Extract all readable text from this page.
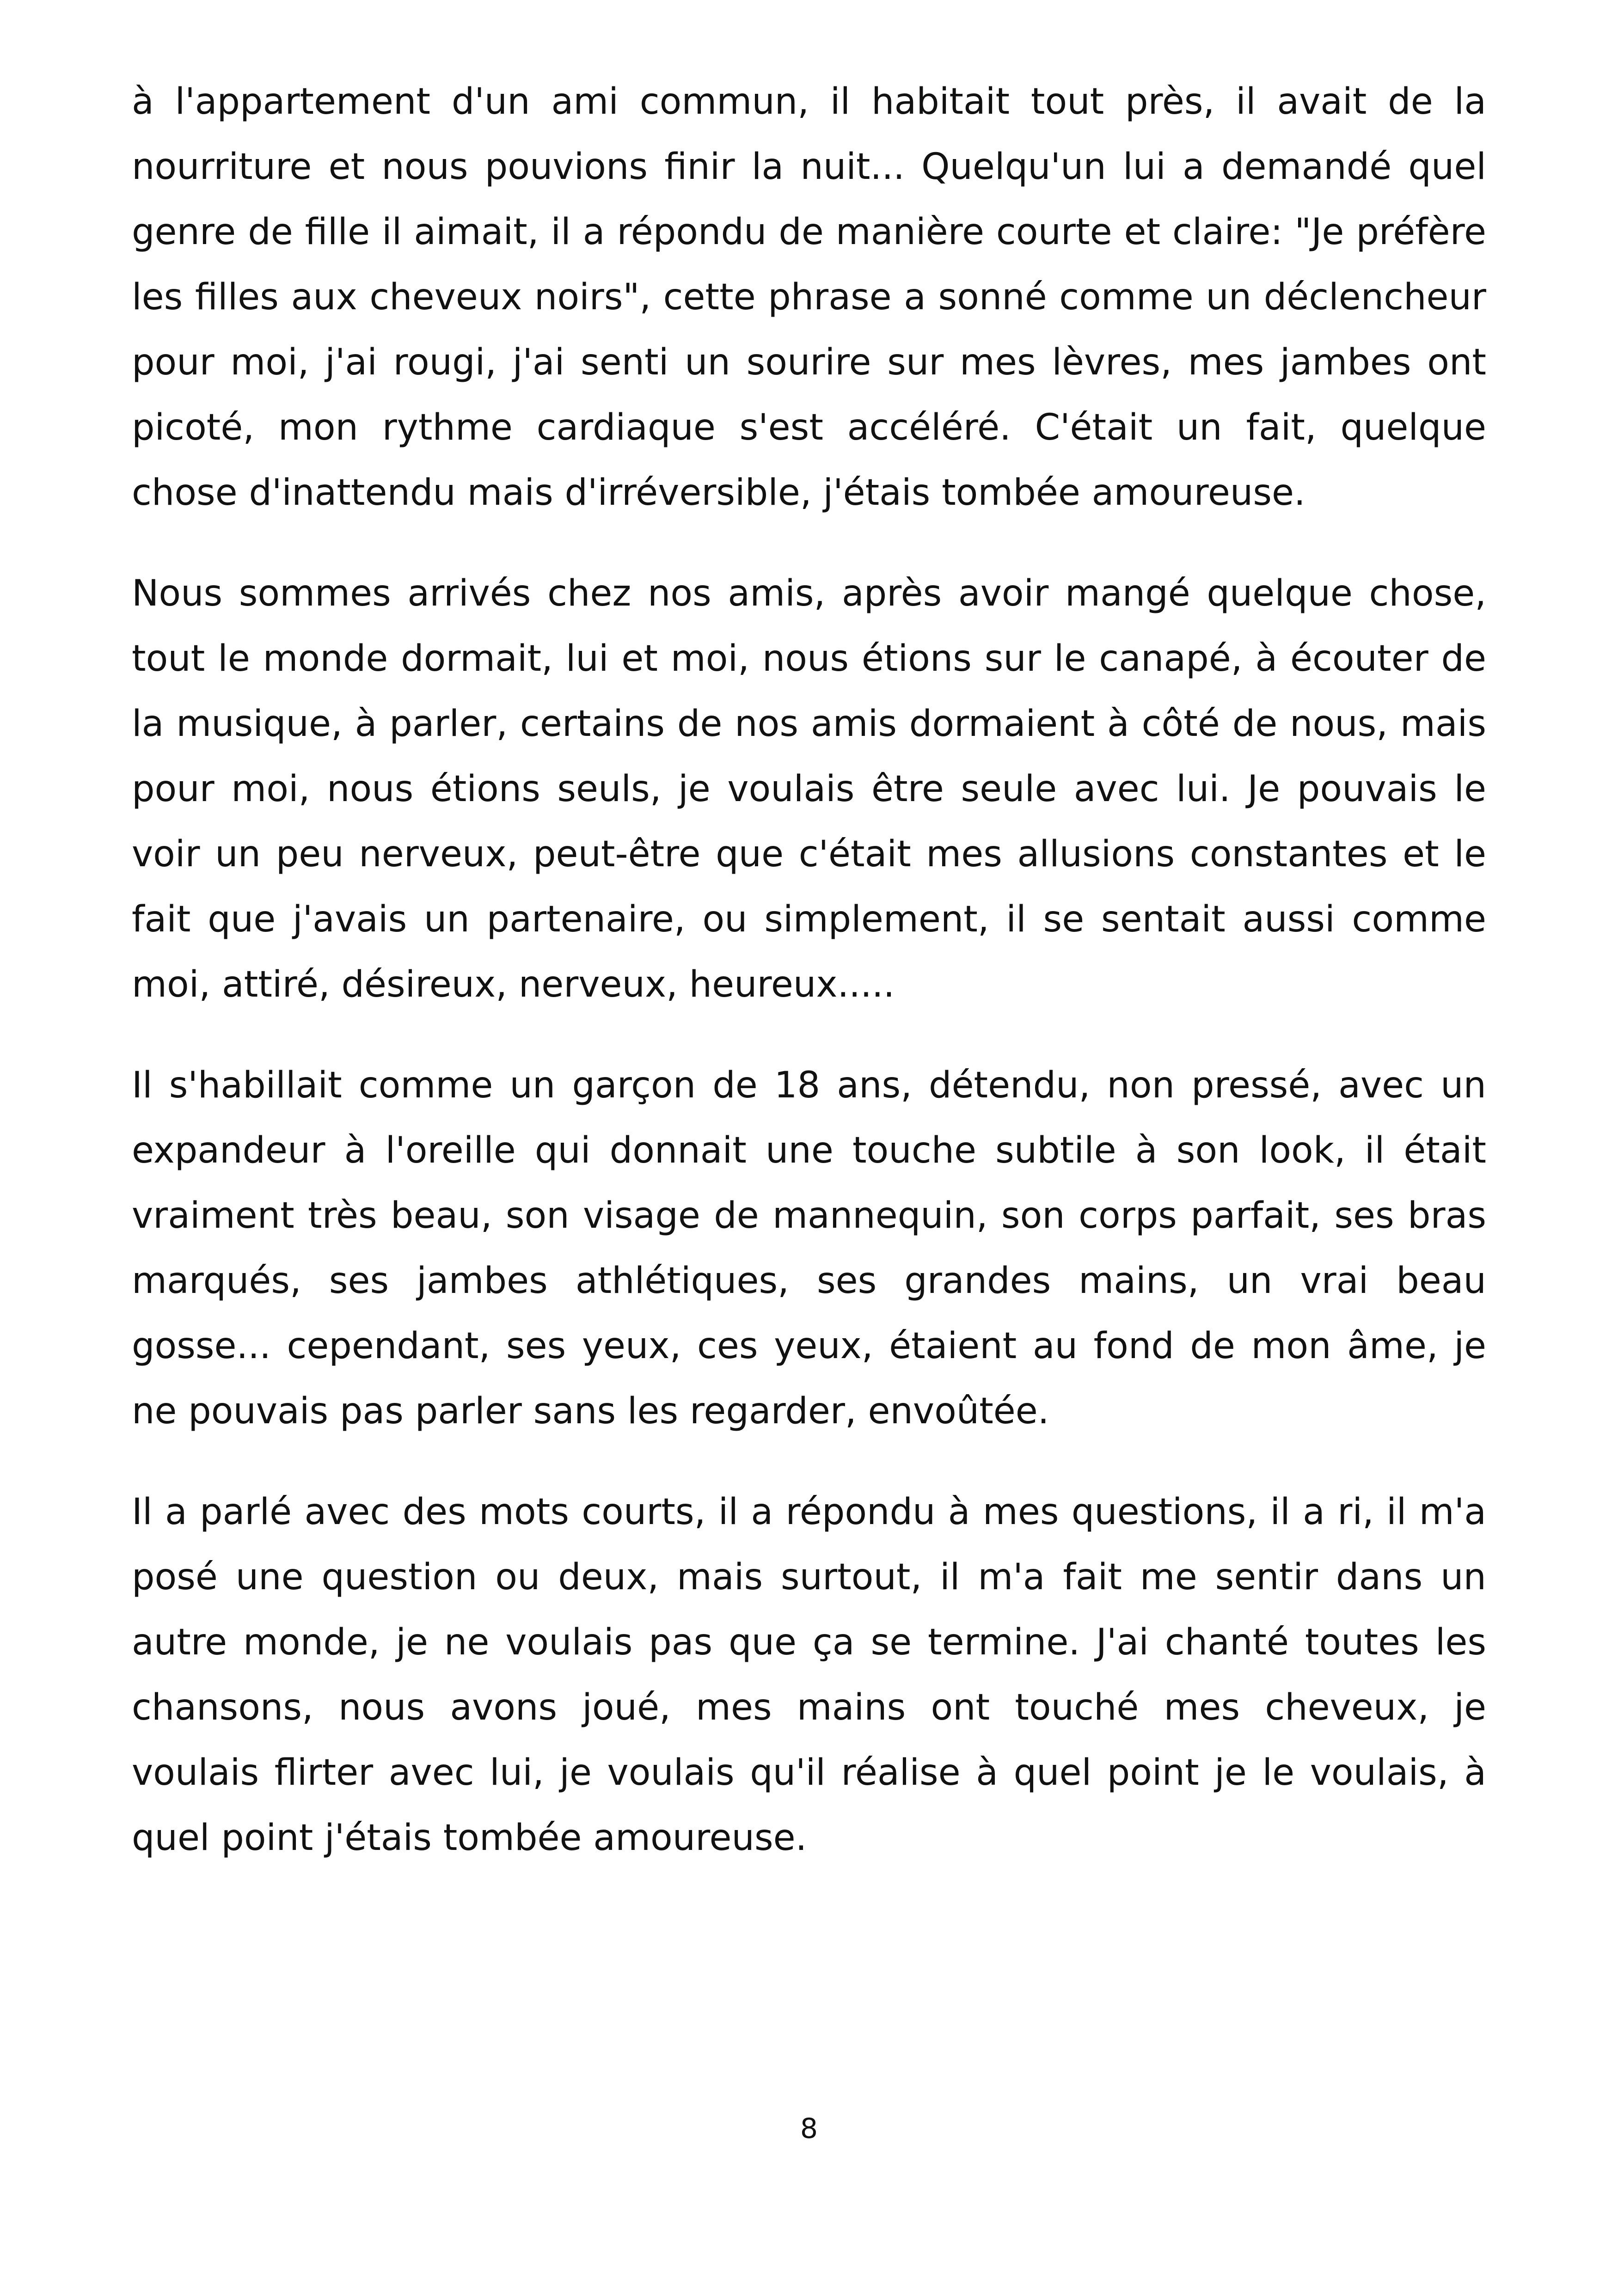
à l'appartement d'un ami commun, il habitait tout près, il avait de la nourriture et nous pouvions finir la nuit... Quelqu'un lui a demandé quel genre de fille il aimait, il a répondu de manière courte et claire: "Je préfère les filles aux cheveux noirs", cette phrase a sonné comme un déclencheur pour moi, j'ai rougi, j'ai senti un sourire sur mes lèvres, mes jambes ont picoté, mon rythme cardiaque s'est accéléré. C'était un fait, quelque chose d'inattendu mais d'irréversible, j'étais tombée amoureuse.

Nous sommes arrivés chez nos amis, après avoir mangé quelque chose, tout le monde dormait, lui et moi, nous étions sur le canapé, à écouter de la musique, à parler, certains de nos amis dormaient à côté de nous, mais pour moi, nous étions seuls, je voulais être seule avec lui. Je pouvais le voir un peu nerveux, peut-être que c'était mes allusions constantes et le fait que j'avais un partenaire, ou simplement, il se sentait aussi comme moi, attiré, désireux, nerveux, heureux.....

Il s'habillait comme un garçon de 18 ans, détendu, non pressé, avec un expandeur à l'oreille qui donnait une touche subtile à son look, il était vraiment très beau, son visage de mannequin, son corps parfait, ses bras marqués, ses jambes athlétiques, ses grandes mains, un vrai beau gosse... cependant, ses yeux, ces yeux, étaient au fond de mon âme, je ne pouvais pas parler sans les regarder, envoûtée.

Il a parlé avec des mots courts, il a répondu à mes questions, il a ri, il m'a posé une question ou deux, mais surtout, il m'a fait me sentir dans un autre monde, je ne voulais pas que ça se termine. J'ai chanté toutes les chansons, nous avons joué, mes mains ont touché mes cheveux, je voulais flirter avec lui, je voulais qu'il réalise à quel point je le voulais, à quel point j'étais tombée amoureuse.

8
